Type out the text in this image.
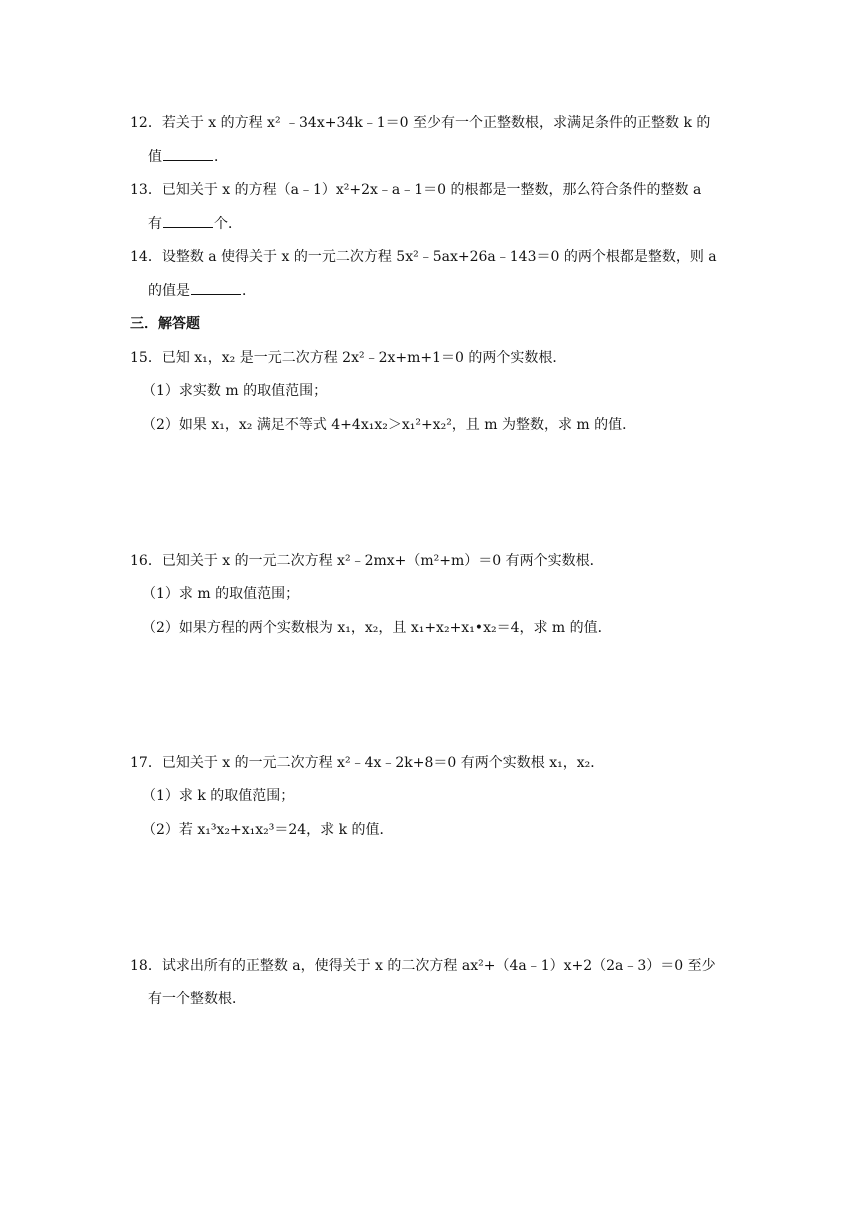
12．若关于 x 的方程 x² ﹣34x+34k﹣1＝0 至少有一个正整数根，求满足条件的正整数 k 的
值	．
13．已知关于 x 的方程（a﹣1）x²+2x﹣a﹣1＝0 的根都是一整数，那么符合条件的整数 a
有	个．
14．设整数 a 使得关于 x 的一元二次方程 5x²﹣5ax+26a﹣143＝0 的两个根都是整数，则 a
的值是	．
三．解答题
15．已知 x₁，x₂ 是一元二次方程 2x²﹣2x+m+1＝0 的两个实数根．
（1）求实数 m 的取值范围；
（2）如果 x₁，x₂ 满足不等式 4+4x₁x₂＞x₁²+x₂²，且 m 为整数，求 m 的值．
16．已知关于 x 的一元二次方程 x²﹣2mx+（m²+m）＝0 有两个实数根．
（1）求 m 的取值范围；
（2）如果方程的两个实数根为 x₁，x₂，且 x₁+x₂+x₁•x₂＝4，求 m 的值．
17．已知关于 x 的一元二次方程 x²﹣4x﹣2k+8＝0 有两个实数根 x₁，x₂．
（1）求 k 的取值范围；
（2）若 x₁³x₂+x₁x₂³＝24，求 k 的值．
18．试求出所有的正整数 a，使得关于 x 的二次方程 ax²+（4a﹣1）x+2（2a﹣3）＝0 至少
有一个整数根．
